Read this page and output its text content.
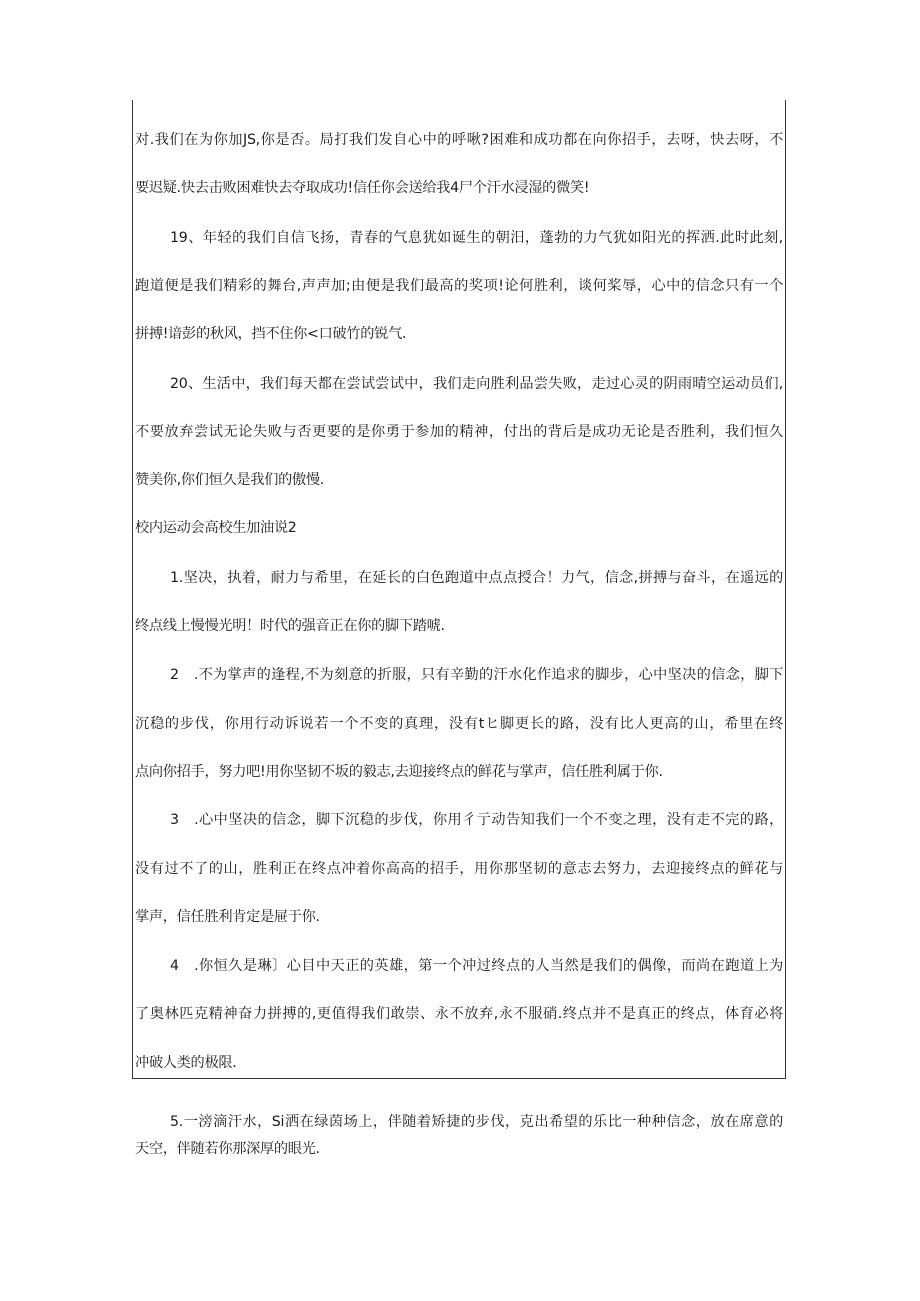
对.我们在为你加JS,你是否。局打我们发自心中的呼啾?困难和成功都在向你招手，去呀，快去呀，不
要迟疑.快去击败困难快去夺取成功!信任你会送给我4尸个汗水浸湿的微笑!
19、年轻的我们自信飞扬，青春的气息犹如诞生的朝汨，蓬勃的力气犹如阳光的挥洒.此时此刻,
跑道便是我们精彩的舞台,声声加;由便是我们最高的奖项!论何胜利，谈何桨辱，心中的信念只有一个
拼搏!谙彭的秋风，挡不住你<口破竹的锐气.
20、生活中，我们每天都在尝试尝试中，我们走向胜利品尝失败，走过心灵的阴雨晴空运动员们,
不要放弃尝试无论失败与否更要的是你勇于参加的精神，付出的背后是成功无论是否胜利，我们恒久
赞美你,你们恒久是我们的傲慢.
校内运动会高校生加油说2
1.坚决，执着，耐力与希里，在延长的白色跑道中点点授合！力气，信念,拼搏与奋斗，在遥远的
终点线上慢慢光明！时代的强音正在你的脚下踏唬.
2　.不为掌声的逢程,不为刻意的折服，只有辛勤的汗水化作追求的脚步，心中坚决的信念，脚下
沉稳的步伐，你用行动诉说若一个不变的真理，没有tヒ脚更长的路，没有比人更高的山，希里在终
点向你招手，努力吧!用你坚韧不坂的毅志,去迎接终点的鲜花与掌声，信任胜利属于你.
3　.心中坚决的信念，脚下沉稳的步伐，你用彳亍动告知我们一个不变之理，没有走不完的路，
没有过不了的山，胜利正在终点冲着你高高的招手，用你那坚韧的意志去努力，去迎接终点的鲜花与
掌声，信任胜利肯定是屉于你.
4　.你恒久是琳〕心目中天正的英雄，第一个冲过终点的人当然是我们的偶像，而尚在跑道上为
了奥林匹克精神奋力拼搏的,更值得我们敢崇、永不放弃,永不服硝.终点并不是真正的终点，体育必将
冲破人类的极限.
5.一滂滴汗水，Si洒在绿茵场上，伴随着矫捷的步伐，克出希望的乐比一种种信念，放在席意的
天空，伴随若你那深厚的眼光.
